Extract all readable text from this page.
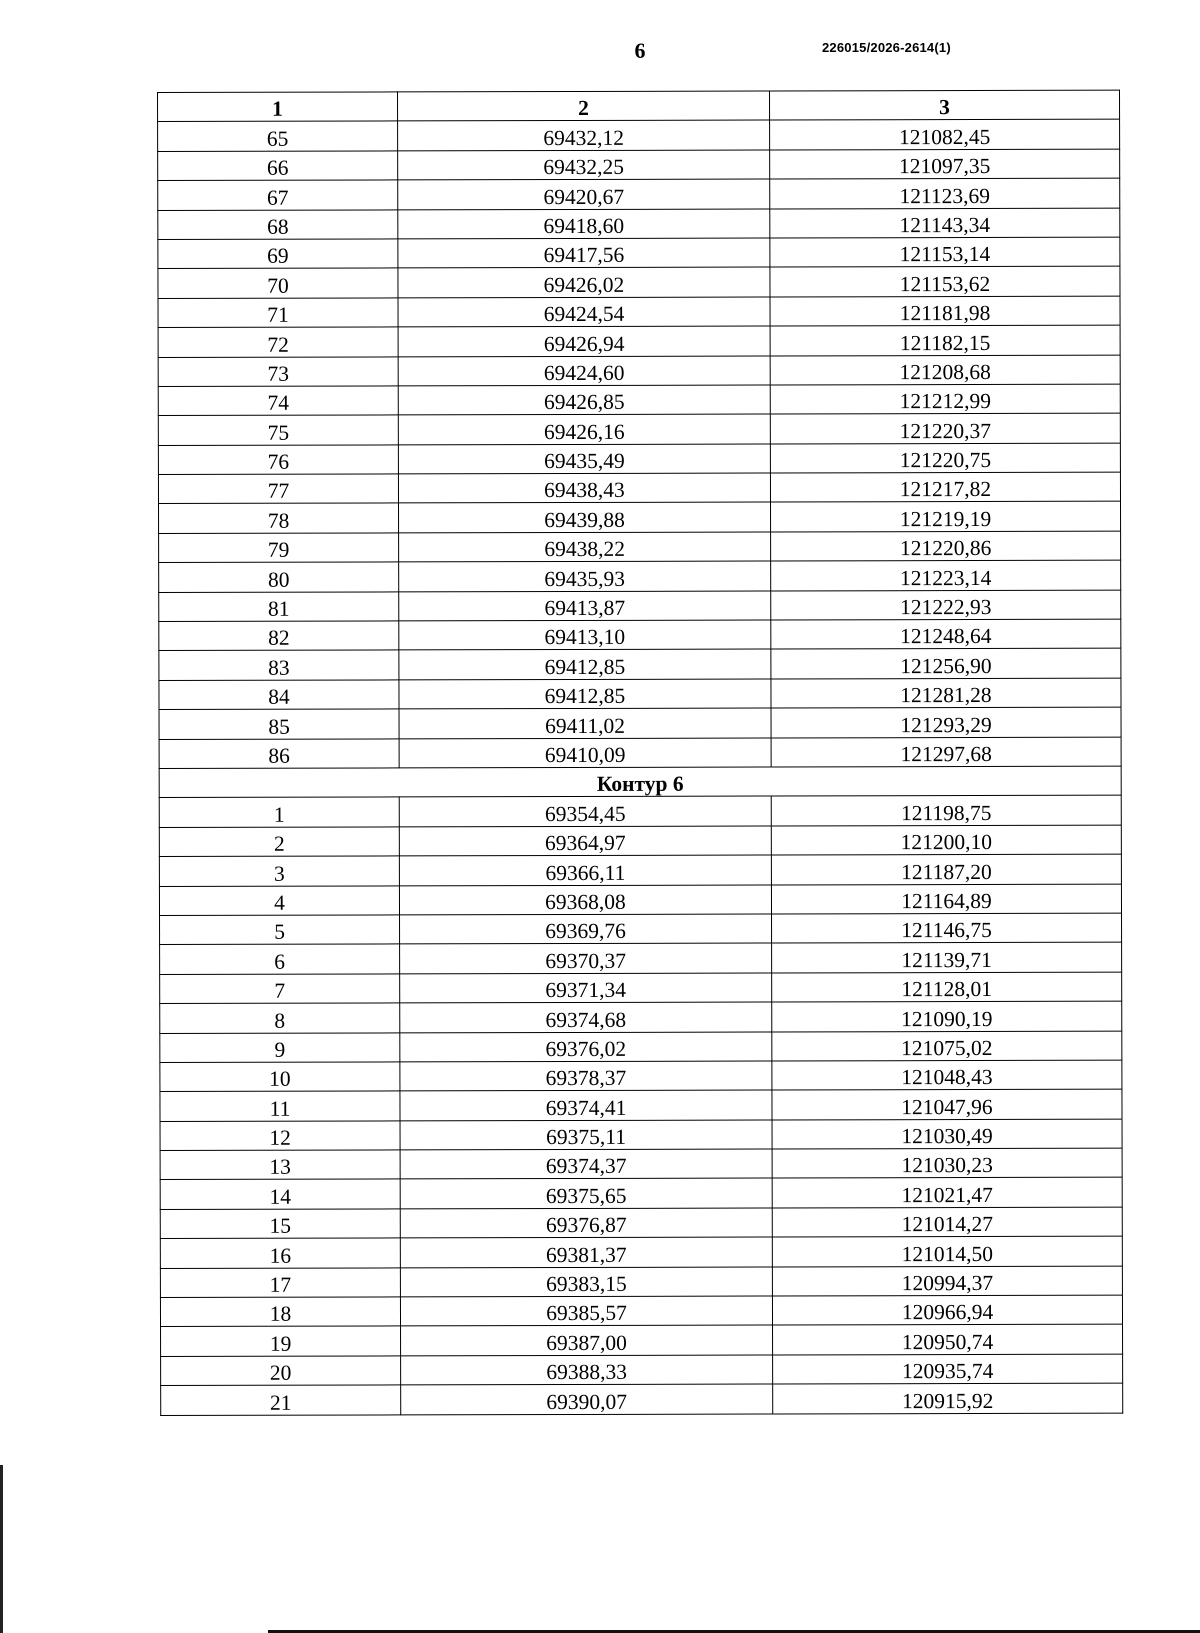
6	226015/2026-2614(1)
1	2	3
65	69432,12	121082,45
66	69432,25	121097,35
67	69420,67	121123,69
68	69418,60	121143,34
69	69417,56	121153,14
70	69426,02	121153,62
71	69424,54	121181,98
72	69426,94	121182,15
73	69424,60	121208,68
74	69426,85	121212,99
75	69426,16	121220,37
76	69435,49	121220,75
77	69438,43	121217,82
78	69439,88	121219,19
79	69438,22	121220,86
80	69435,93	121223,14
81	69413,87	121222,93
82	69413,10	121248,64
83	69412,85	121256,90
84	69412,85	121281,28
85	69411,02	121293,29
86	69410,09	121297,68
Контур 6		
1	69354,45	121198,75
2	69364,97	121200,10
3	69366,11	121187,20
4	69368,08	121164,89
5	69369,76	121146,75
6	69370,37	121139,71
7	69371,34	121128,01
8	69374,68	121090,19
9	69376,02	121075,02
10	69378,37	121048,43
11	69374,41	121047,96
12	69375,11	121030,49
13	69374,37	121030,23
14	69375,65	121021,47
15	69376,87	121014,27
16	69381,37	121014,50
17	69383,15	120994,37
18	69385,57	120966,94
19	69387,00	120950,74
20	69388,33	120935,74
21	69390,07	120915,92
